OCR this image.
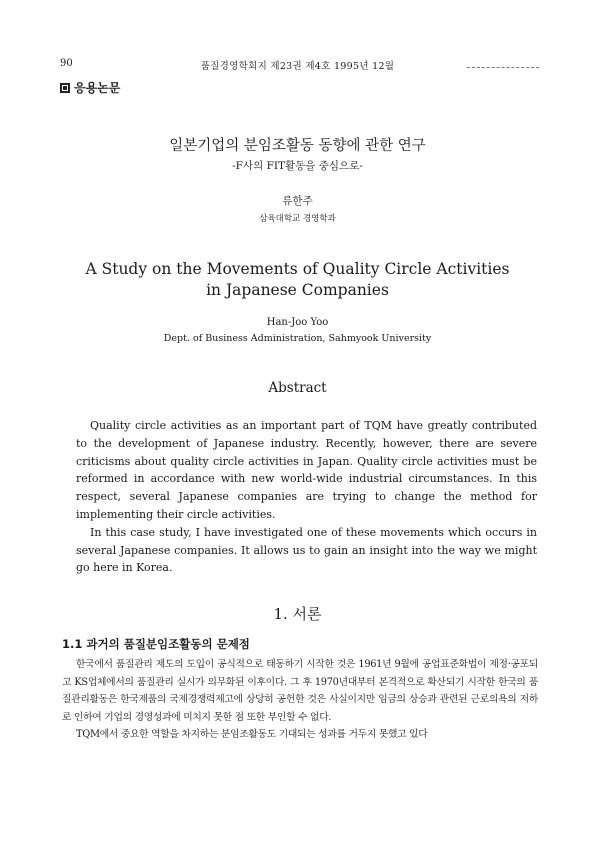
90	품질경영학회지 제23권 제4호 1995년 12월
응용논문
일본기업의 분임조활동 동향에 관한 연구
-F사의 FIT활동을 중심으로-
류한주
삼육대학교 경영학과
A Study on the Movements of Quality Circle Activities
in Japanese Companies
Han-Joo Yoo
Dept. of Business Administration, Sahmyook University
Abstract

Quality circle activities as an important part of TQM have greatly contributed to the development of Japanese industry. Recently, however, there are severe criticisms about quality circle activities in Japan. Quality circle activities must be reformed in accordance with new world-wide industrial circumstances. In this respect, several Japanese companies are trying to change the method for implementing their circle activities.

In this case study, I have investigated one of these movements which occurs in several Japanese companies. It allows us to gain an insight into the way we might go here in Korea.

1. 서론
1.1 과거의 품질분임조활동의 문제점

한국에서 품질관리 제도의 도입이 공식적으로 태동하기 시작한 것은 1961년 9월에 공업표준화법이 제정·공포되고 KS업체에서의 품질관리 실시가 의무화된 이후이다. 그 후 1970년대부터 본격적으로 확산되기 시작한 한국의 품질관리활동은 한국제품의 국제경쟁력제고에 상당히 공헌한 것은 사실이지만 임금의 상승과 관련된 근로의욕의 저하로 인하여 기업의 경영성과에 미치지 못한 점 또한 부인할 수 없다.

TQM에서 중요한 역할을 차지하는 분임조활동도 기대되는 성과를 거두지 못했고 있다
